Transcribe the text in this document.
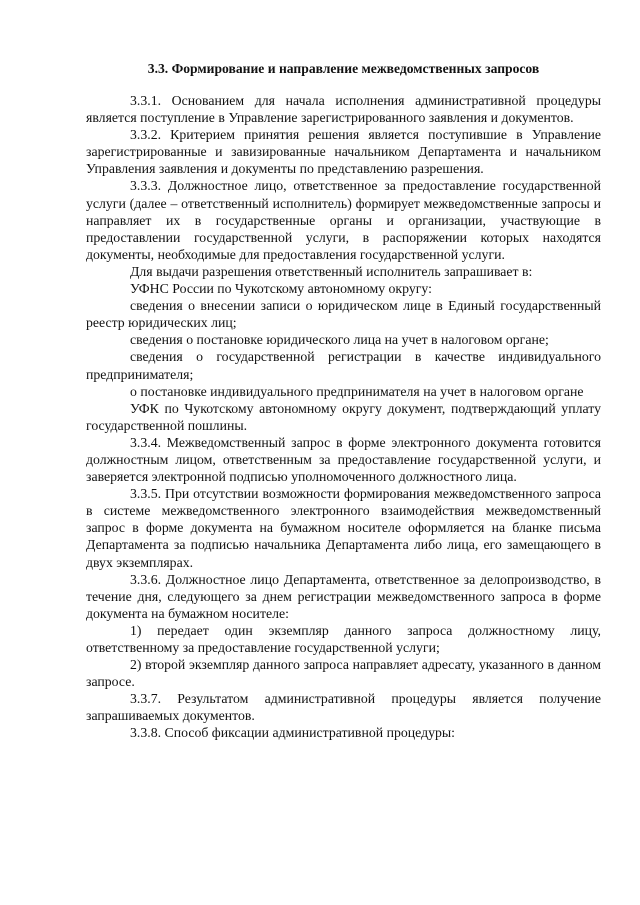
3.3. Формирование и направление межведомственных запросов

3.3.1. Основанием для начала исполнения административной процедуры является поступление в Управление зарегистрированного заявления и документов.

3.3.2. Критерием принятия решения является поступившие в Управление зарегистрированные и завизированные начальником Департамента и начальником Управления заявления и документы по представлению разрешения.

3.3.3. Должностное лицо, ответственное за предоставление государственной услуги (далее – ответственный исполнитель) формирует межведомственные запросы и направляет их в государственные органы и организации, участвующие в предоставлении государственной услуги, в распоряжении которых находятся документы, необходимые для предоставления государственной услуги.

Для выдачи разрешения ответственный исполнитель запрашивает в:

УФНС России по Чукотскому автономному округу:

сведения о внесении записи о юридическом лице в Единый государственный реестр юридических лиц;

сведения о постановке юридического лица на учет в налоговом органе;

сведения о государственной регистрации в качестве индивидуального предпринимателя;

о постановке индивидуального предпринимателя на учет в налоговом органе

УФК по Чукотскому автономному округу документ, подтверждающий уплату государственной пошлины.

3.3.4. Межведомственный запрос в форме электронного документа готовится должностным лицом, ответственным за предоставление государственной услуги, и заверяется электронной подписью уполномоченного должностного лица.

3.3.5. При отсутствии возможности формирования межведомственного запроса в системе межведомственного электронного взаимодействия межведомственный запрос в форме документа на бумажном носителе оформляется на бланке письма Департамента за подписью начальника Департамента либо лица, его замещающего в двух экземплярах.

3.3.6. Должностное лицо Департамента, ответственное за делопроизводство, в течение дня, следующего за днем регистрации межведомственного запроса в форме документа на бумажном носителе:

1) передает один экземпляр данного запроса должностному лицу, ответственному за предоставление государственной услуги;

2) второй экземпляр данного запроса направляет адресату, указанного в данном запросе.

3.3.7. Результатом административной процедуры является получение запрашиваемых документов.

3.3.8. Способ фиксации административной процедуры:
